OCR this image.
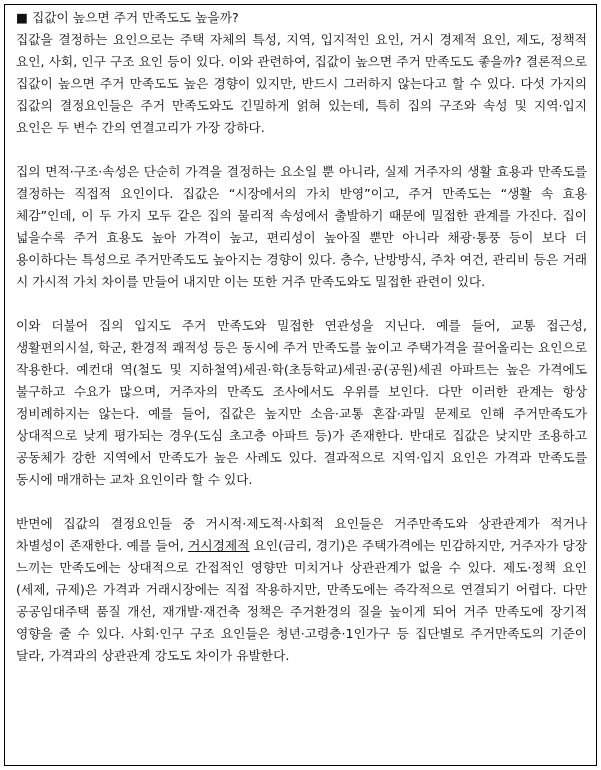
■ 집값이 높으면 주거 만족도도 높을까?

집값을 결정하는 요인으로는 주택 자체의 특성, 지역, 입지적인 요인, 거시 경제적 요인, 제도, 정책적 요인, 사회, 인구 구조 요인 등이 있다. 이와 관련하여, 집값이 높으면 주거 만족도도 좋을까? 결론적으로 집값이 높으면 주거 만족도도 높은 경향이 있지만, 반드시 그러하지 않는다고 할 수 있다. 다섯 가지의 집값의 결정요인들은 주거 만족도와도 긴밀하게 얽혀 있는데, 특히 집의 구조와 속성 및 지역·입지 요인은 두 변수 간의 연결고리가 가장 강하다.

집의 면적·구조·속성은 단순히 가격을 결정하는 요소일 뿐 아니라, 실제 거주자의 생활 효용과 만족도를 결정하는 직접적 요인이다. 집값은 “시장에서의 가치 반영”이고, 주거 만족도는 “생활 속 효용 체감”인데, 이 두 가지 모두 같은 집의 물리적 속성에서 출발하기 때문에 밀접한 관계를 가진다. 집이 넓을수록 주거 효용도 높아 가격이 높고, 편리성이 높아질 뿐만 아니라 채광·통풍 등이 보다 더 용이하다는 특성으로 주거만족도도 높아지는 경향이 있다. 층수, 난방방식, 주차 여건, 관리비 등은 거래 시 가시적 가치 차이를 만들어 내지만 이는 또한 거주 만족도와도 밀접한 관련이 있다.

이와 더불어 집의 입지도 주거 만족도와 밀접한 연관성을 지닌다. 예를 들어, 교통 접근성, 생활편의시설, 학군, 환경적 쾌적성 등은 동시에 주거 만족도를 높이고 주택가격을 끌어올리는 요인으로 작용한다. 예컨대 역(철도 및 지하철역)세권·학(초등학교)세권·공(공원)세권 아파트는 높은 가격에도 불구하고 수요가 많으며, 거주자의 만족도 조사에서도 우위를 보인다. 다만 이러한 관계는 항상 정비례하지는 않는다. 예를 들어, 집값은 높지만 소음·교통 혼잡·과밀 문제로 인해 주거만족도가 상대적으로 낮게 평가되는 경우(도심 초고층 아파트 등)가 존재한다. 반대로 집값은 낮지만 조용하고 공동체가 강한 지역에서 만족도가 높은 사례도 있다. 결과적으로 지역·입지 요인은 가격과 만족도를 동시에 매개하는 교차 요인이라 할 수 있다.

반면에 집값의 결정요인들 중 거시적·제도적·사회적 요인들은 거주만족도와 상관관계가 적거나 차별성이 존재한다. 예를 들어, 거시경제적 요인(금리, 경기)은 주택가격에는 민감하지만, 거주자가 당장 느끼는 만족도에는 상대적으로 간접적인 영향만 미치거나 상관관계가 없을 수 있다. 제도·정책 요인(세제, 규제)은 가격과 거래시장에는 직접 작용하지만, 만족도에는 즉각적으로 연결되기 어렵다. 다만 공공임대주택 품질 개선, 재개발·재건축 정책은 주거환경의 질을 높이게 되어 거주 만족도에 장기적 영향을 줄 수 있다. 사회·인구 구조 요인들은 청년·고령층·1인가구 등 집단별로 주거만족도의 기준이 달라, 가격과의 상관관계 강도도 차이가 유발한다.
